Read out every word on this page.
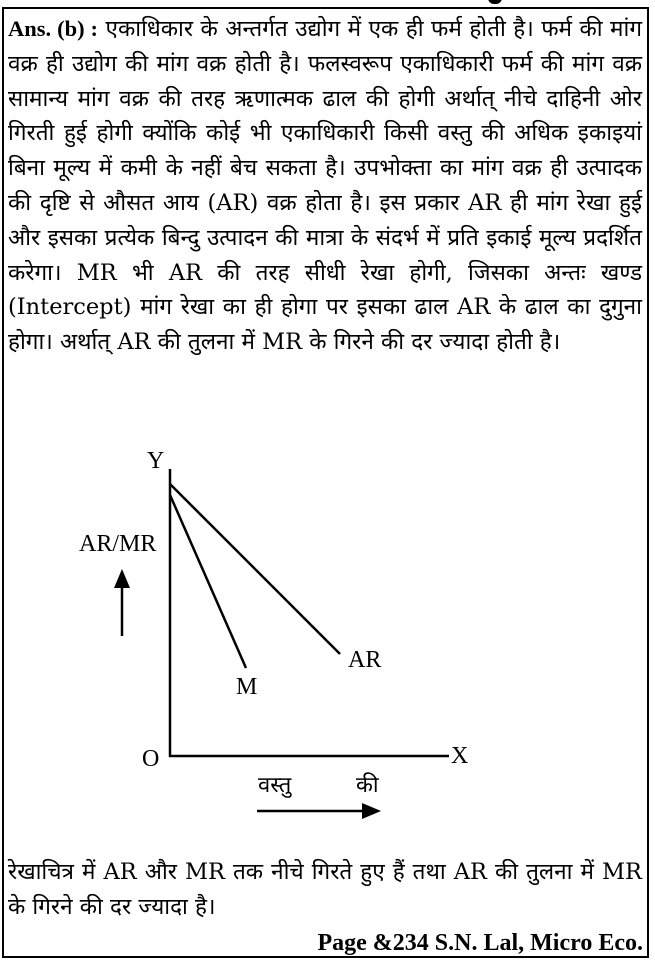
Ans. (b) : एकाधिकार के अन्तर्गत उद्योग में एक ही फर्म होती है। फर्म की मांग वक्र ही उद्योग की मांग वक्र होती है। फलस्वरूप एकाधिकारी फर्म की मांग वक्र सामान्य मांग वक्र की तरह ऋणात्मक ढाल की होगी अर्थात् नीचे दाहिनी ओर गिरती हुई होगी क्योंकि कोई भी एकाधिकारी किसी वस्तु की अधिक इकाइयां बिना मूल्य में कमी के नहीं बेच सकता है। उपभोक्ता का मांग वक्र ही उत्पादक की दृष्टि से औसत आय (AR) वक्र होता है। इस प्रकार AR ही मांग रेखा हुई और इसका प्रत्येक बिन्दु उत्पादन की मात्रा के संदर्भ में प्रति इकाई मूल्य प्रदर्शित करेगा। MR भी AR की तरह सीधी रेखा होगी, जिसका अन्तः खण्ड (Intercept) मांग रेखा का ही होगा पर इसका ढाल AR के ढाल का दुगुना होगा। अर्थात् AR की तुलना में MR के गिरने की दर ज्यादा होती है।

Y
AR/MR
AR
M
O	X
वस्तु	की

रेखाचित्र में AR और MR तक नीचे गिरते हुए हैं तथा AR की तुलना में MR के गिरने की दर ज्यादा है।

Page &234 S.N. Lal, Micro Eco.
